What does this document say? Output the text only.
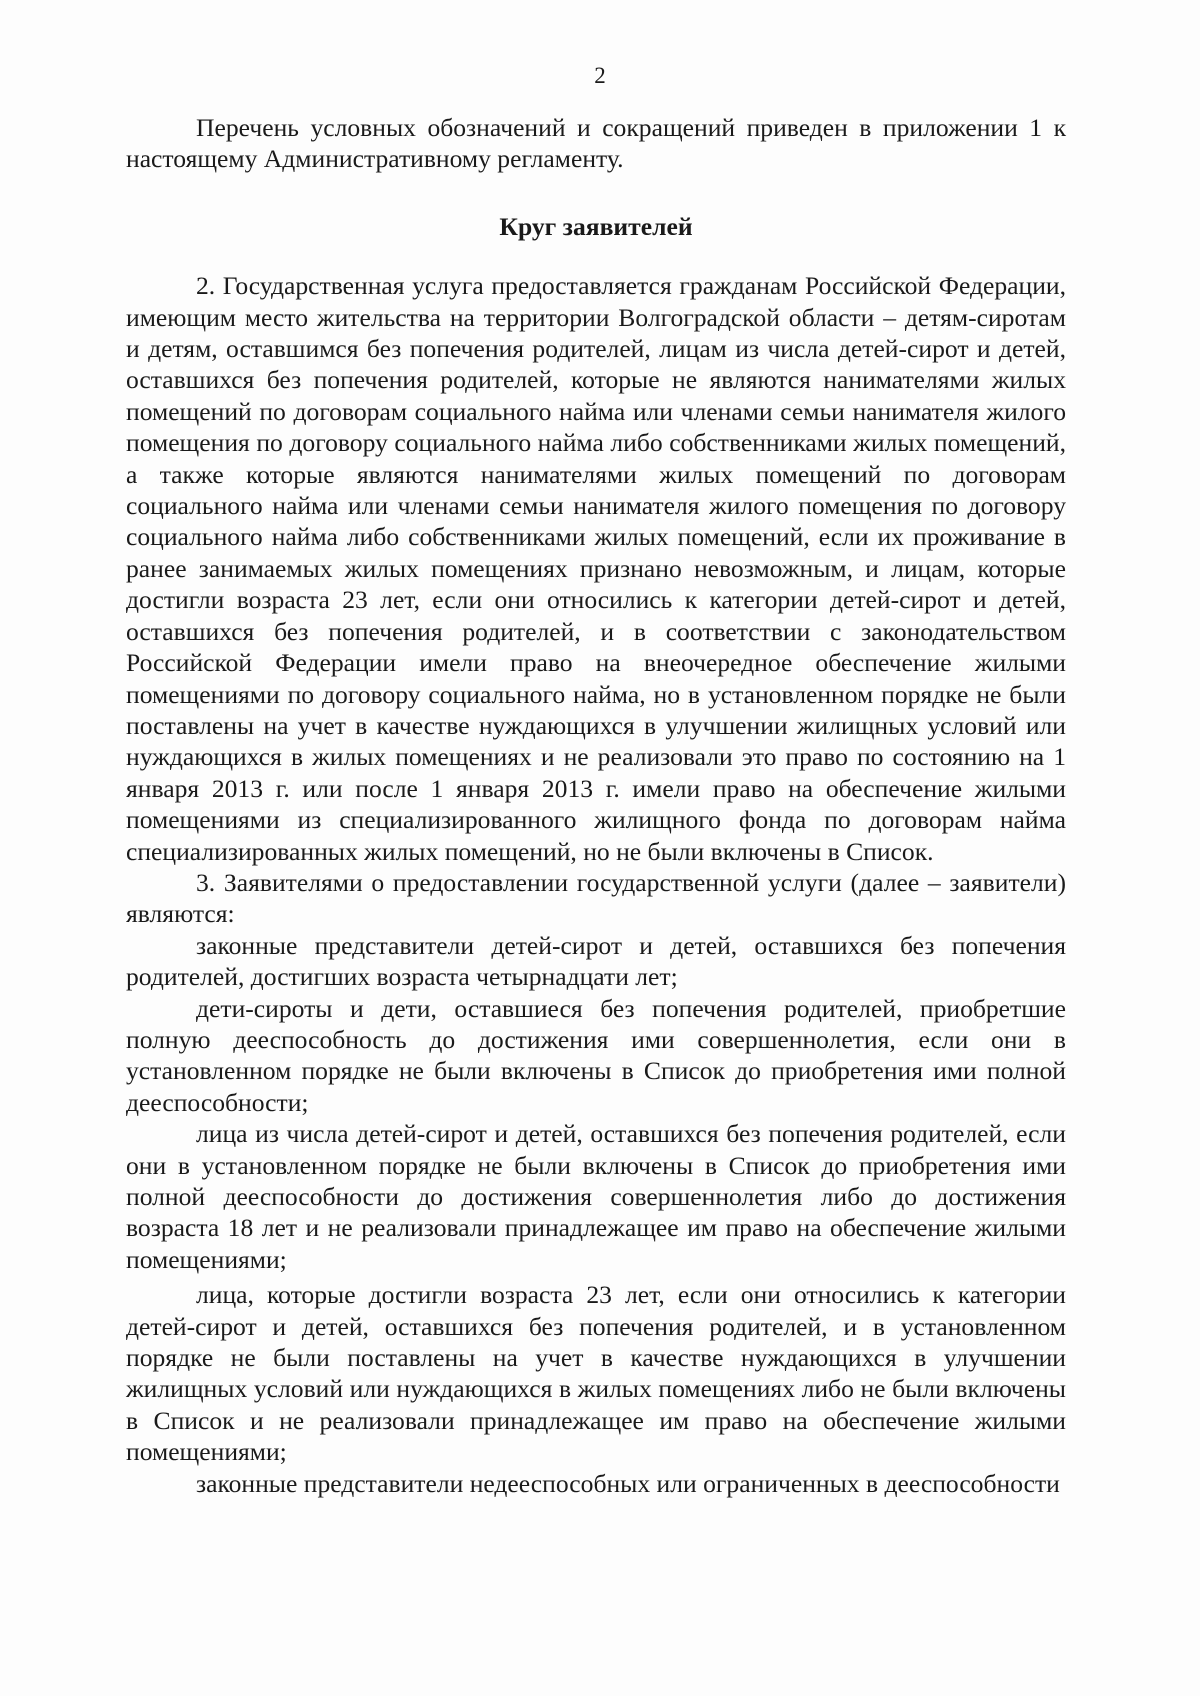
2

Перечень условных обозначений и сокращений приведен в приложении 1 к настоящему Административному регламенту.

Круг заявителей

2. Государственная услуга предоставляется гражданам Российской Федерации, имеющим место жительства на территории Волгоградской области – детям-сиротам и детям, оставшимся без попечения родителей, лицам из числа детей-сирот и детей, оставшихся без попечения родителей, которые не являются нанимателями жилых помещений по договорам социального найма или членами семьи нанимателя жилого помещения по договору социального найма либо собственниками жилых помещений, а также которые являются нанимателями жилых помещений по договорам социального найма или членами семьи нанимателя жилого помещения по договору социального найма либо собственниками жилых помещений, если их проживание в ранее занимаемых жилых помещениях признано невозможным, и лицам, которые достигли возраста 23 лет, если они относились к категории детей-сирот и детей, оставшихся без попечения родителей, и в соответствии с законодательством Российской Федерации имели право на внеочередное обеспечение жилыми помещениями по договору социального найма, но в установленном порядке не были поставлены на учет в качестве нуждающихся в улучшении жилищных условий или нуждающихся в жилых помещениях и не реализовали это право по состоянию на 1 января 2013 г. или после 1 января 2013 г. имели право на обеспечение жилыми помещениями из специализированного жилищного фонда по договорам найма специализированных жилых помещений, но не были включены в Список.

3. Заявителями о предоставлении государственной услуги (далее – заявители) являются:

законные представители детей-сирот и детей, оставшихся без попечения родителей, достигших возраста четырнадцати лет;

дети-сироты и дети, оставшиеся без попечения родителей, приобретшие полную дееспособность до достижения ими совершеннолетия, если они в установленном порядке не были включены в Список до приобретения ими полной дееспособности;

лица из числа детей-сирот и детей, оставшихся без попечения родителей, если они в установленном порядке не были включены в Список до приобретения ими полной дееспособности до достижения совершеннолетия либо до достижения возраста 18 лет и не реализовали принадлежащее им право на обеспечение жилыми помещениями;

лица, которые достигли возраста 23 лет, если они относились к категории детей-сирот и детей, оставшихся без попечения родителей, и в установленном порядке не были поставлены на учет в качестве нуждающихся в улучшении жилищных условий или нуждающихся в жилых помещениях либо не были включены в Список и не реализовали принадлежащее им право на обеспечение жилыми помещениями;

законные представители недееспособных или ограниченных в дееспособности
